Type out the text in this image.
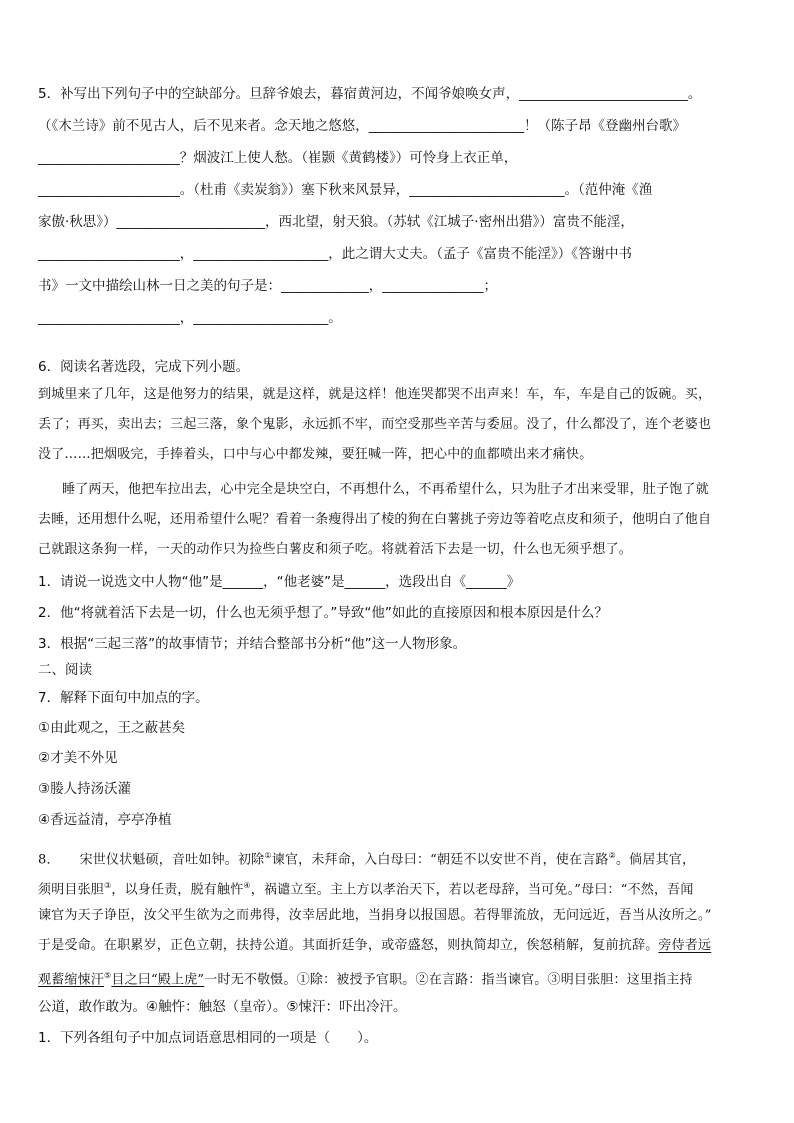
5．补写出下列句子中的空缺部分。旦辞爷娘去，暮宿黄河边，不闻爷娘唤女声，_________________________。
（《木兰诗》前不见古人，后不见来者。念天地之悠悠，_______________________！（陈子昂《登幽州台歌》
_____________________？烟波江上使人愁。（崔颢《黄鹤楼》）可怜身上衣正单，
_____________________。（杜甫《卖炭翁》）塞下秋来风景异，_______________________。（范仲淹《渔
家傲·秋思》）______________________，西北望，射天狼。（苏轼《江城子·密州出猎》）富贵不能淫，
_____________________，____________________，此之谓大丈夫。（孟子《富贵不能淫》）《答谢中书
书》一文中描绘山林一日之美的句子是：_____________，_______________；
_____________________，____________________。
6．阅读名著选段，完成下列小题。
到城里来了几年，这是他努力的结果，就是这样，就是这样！他连哭都哭不出声来！车，车，车是自己的饭碗。买，
丢了；再买，卖出去；三起三落，象个鬼影，永远抓不牢，而空受那些辛苦与委屈。没了，什么都没了，连个老婆也
没了……把烟吸完，手捧着头，口中与心中都发辣，要狂喊一阵，把心中的血都喷出来才痛快。
睡了两天，他把车拉出去，心中完全是块空白，不再想什么，不再希望什么，只为肚子才出来受罪，肚子饱了就
去睡，还用想什么呢，还用希望什么呢？看着一条瘦得出了棱的狗在白薯挑子旁边等着吃点皮和须子，他明白了他自
己就跟这条狗一样，一天的动作只为捡些白薯皮和须子吃。将就着活下去是一切，什么也无须乎想了。
1．请说一说选文中人物“他”是______，“他老婆”是______，选段出自《______》
2．他“将就着活下去是一切，什么也无须乎想了。”导致“他”如此的直接原因和根本原因是什么？
3．根据“三起三落”的故事情节；并结合整部书分析“他”这一人物形象。
二、阅读
7．解释下面句中加点的字。
①由此观之，王之蔽甚矣
②才美不外见
③媵人持汤沃灌
④香远益清，亭亭净植
8．　　宋世仪状魁硕，音吐如钟。初除①谏官，未拜命，入白母曰：“朝廷不以安世不肖，使在言路②。倘居其官，
须明目张胆③，以身任责，脱有触忤④，祸谴立至。主上方以孝治天下，若以老母辞，当可免。”母曰：“不然，吾闻
谏官为天子诤臣，汝父平生欲为之而弗得，汝幸居此地，当捐身以报国恩。若得罪流放，无问远近，吾当从汝所之。”
于是受命。在职累岁，正色立朝，扶持公道。其面折廷争，或帝盛怒，则执简却立，俟怒稍解，复前抗辞。旁侍者远
观蓄缩悚汗⑤目之曰“殿上虎”一时无不敬慑。①除：被授予官职。②在言路：指当谏官。③明目张胆：这里指主持
公道，敢作敢为。④触忤：触怒（皇帝）。⑤悚汗：吓出冷汗。
1．下列各组句子中加点词语意思相同的一项是（　　）。
